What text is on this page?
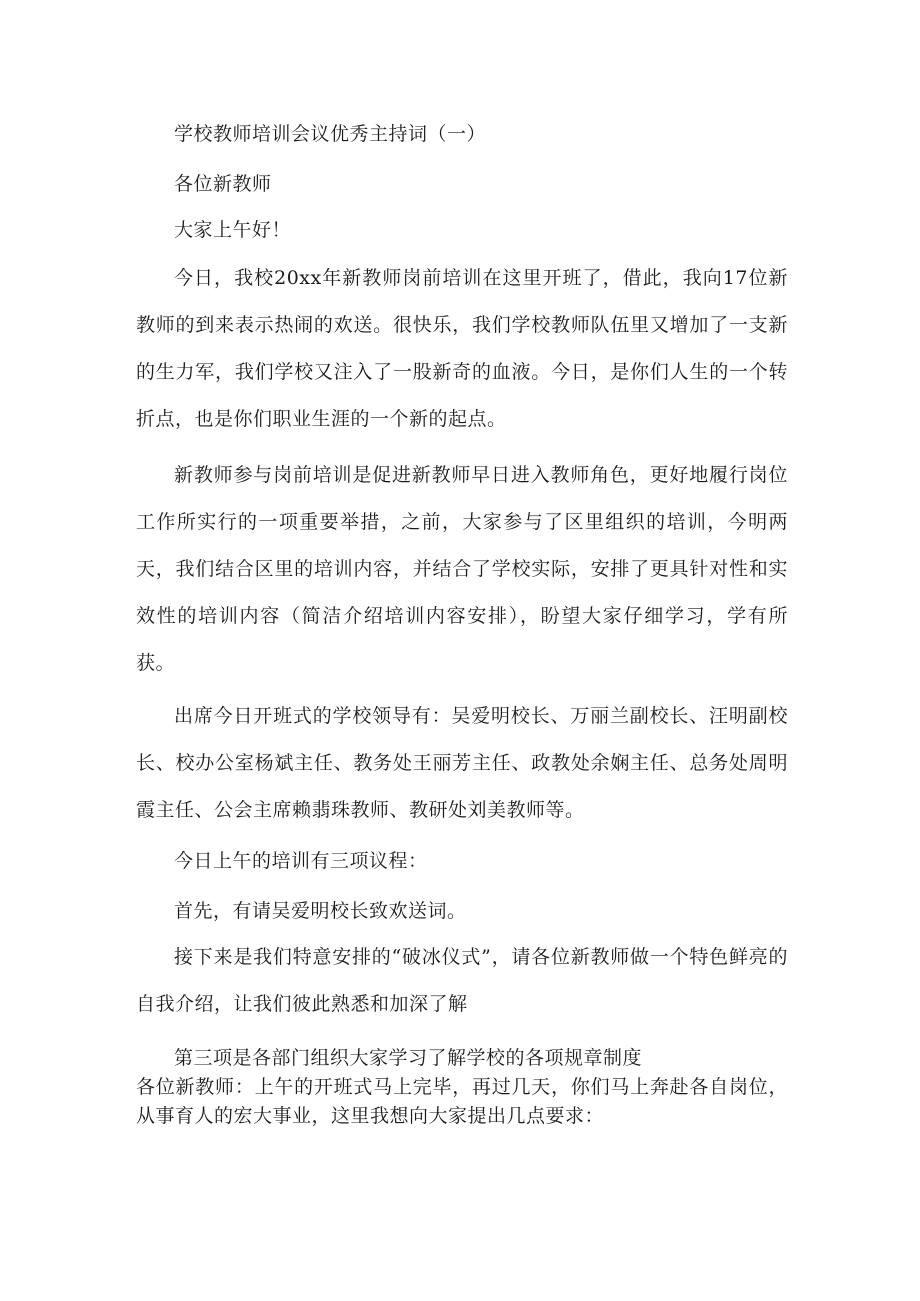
学校教师培训会议优秀主持词（一）

各位新教师

大家上午好！

今日，我校20xx年新教师岗前培训在这里开班了，借此，我向17位新教师的到来表示热闹的欢送。很快乐，我们学校教师队伍里又增加了一支新的生力军，我们学校又注入了一股新奇的血液。今日，是你们人生的一个转折点，也是你们职业生涯的一个新的起点。

新教师参与岗前培训是促进新教师早日进入教师角色，更好地履行岗位工作所实行的一项重要举措，之前，大家参与了区里组织的培训，今明两天，我们结合区里的培训内容，并结合了学校实际，安排了更具针对性和实效性的培训内容（简洁介绍培训内容安排），盼望大家仔细学习，学有所获。

出席今日开班式的学校领导有：吴爱明校长、万丽兰副校长、汪明副校长、校办公室杨斌主任、教务处王丽芳主任、政教处余娴主任、总务处周明霞主任、公会主席赖翡珠教师、教研处刘美教师等。

今日上午的培训有三项议程：

首先，有请吴爱明校长致欢送词。

接下来是我们特意安排的“破冰仪式”，请各位新教师做一个特色鲜亮的自我介绍，让我们彼此熟悉和加深了解

第三项是各部门组织大家学习了解学校的各项规章制度
各位新教师：上午的开班式马上完毕，再过几天，你们马上奔赴各自岗位，从事育人的宏大事业，这里我想向大家提出几点要求：
